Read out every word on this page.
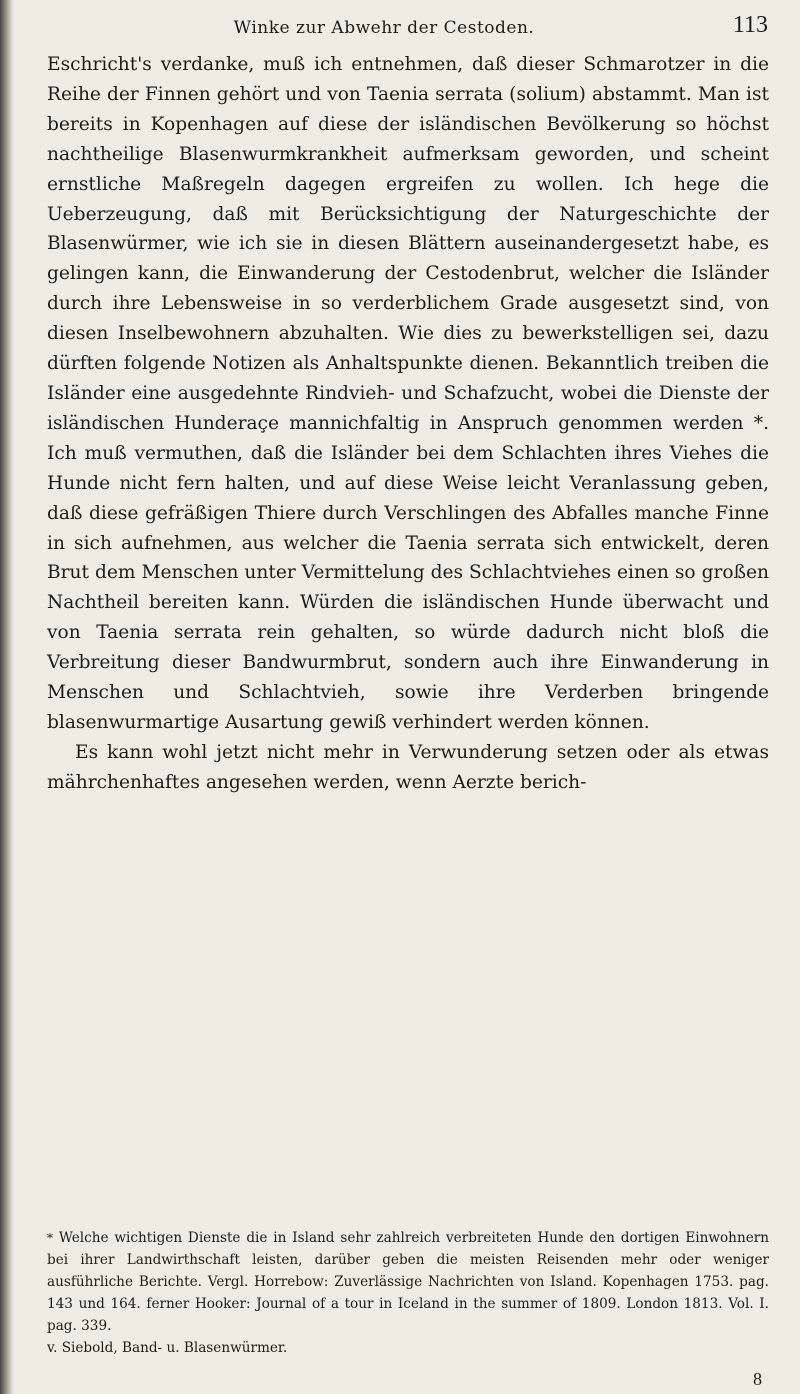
Winke zur Abwehr der Cestoden.	113

Eschricht's verdanke, muß ich entnehmen, daß dieser Schmarotzer in die Reihe der Finnen gehört und von Taenia serrata (solium) abstammt. Man ist bereits in Kopenhagen auf diese der isländischen Bevölkerung so höchst nachtheilige Blasenwurmkrankheit aufmerksam geworden, und scheint ernstliche Maßregeln dagegen ergreifen zu wollen. Ich hege die Ueberzeugung, daß mit Berücksichtigung der Naturgeschichte der Blasenwürmer, wie ich sie in diesen Blättern auseinandergesetzt habe, es gelingen kann, die Einwanderung der Cestodenbrut, welcher die Isländer durch ihre Lebensweise in so verderblichem Grade ausgesetzt sind, von diesen Inselbewohnern abzuhalten. Wie dies zu bewerkstelligen sei, dazu dürften folgende Notizen als Anhaltspunkte dienen. Bekanntlich treiben die Isländer eine ausgedehnte Rindvieh- und Schafzucht, wobei die Dienste der isländischen Hunderaçe mannichfaltig in Anspruch genommen werden *. Ich muß vermuthen, daß die Isländer bei dem Schlachten ihres Viehes die Hunde nicht fern halten, und auf diese Weise leicht Veranlassung geben, daß diese gefräßigen Thiere durch Verschlingen des Abfalles manche Finne in sich aufnehmen, aus welcher die Taenia serrata sich entwickelt, deren Brut dem Menschen unter Vermittelung des Schlachtviehes einen so großen Nachtheil bereiten kann. Würden die isländischen Hunde überwacht und von Taenia serrata rein gehalten, so würde dadurch nicht bloß die Verbreitung dieser Bandwurmbrut, sondern auch ihre Einwanderung in Menschen und Schlachtvieh, sowie ihre Verderben bringende blasenwurmartige Ausartung gewiß verhindert werden können.

Es kann wohl jetzt nicht mehr in Verwunderung setzen oder als etwas mährchenhaftes angesehen werden, wenn Aerzte berich-

* Welche wichtigen Dienste die in Island sehr zahlreich verbreiteten Hunde den dortigen Einwohnern bei ihrer Landwirthschaft leisten, darüber geben die meisten Reisenden mehr oder weniger ausführliche Berichte. Vergl. Horrebow: Zuverlässige Nachrichten von Island. Kopenhagen 1753. pag. 143 und 164. ferner Hooker: Journal of a tour in Iceland in the summer of 1809. London 1813. Vol. I. pag. 339.
v. Siebold, Band- u. Blasenwürmer.
8
